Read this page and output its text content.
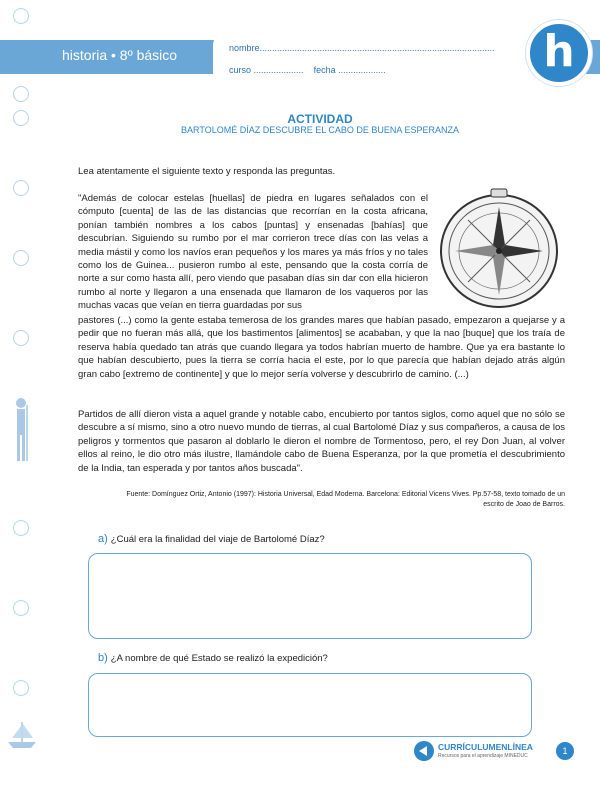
historia • 8º básico	nombre..............................................................................................
curso .................... fecha ...................	h
ACTIVIDAD
BARTOLOMÉ DÍAZ DESCUBRE EL CABO DE BUENA ESPERANZA
Lea atentamente el siguiente texto y responda las preguntas.

"Además de colocar estelas [huellas] de piedra en lugares señalados con el cómputo [cuenta] de las de las distancias que recorrían en la costa africana, ponían también nombres a los cabos [puntas] y ensenadas [bahías] que descubrían. Siguiendo su rumbo por el mar corrieron trece días con las velas a media mástil y como los navíos eran pequeños y los mares ya más fríos y no tales como los de Guinea... pusieron rumbo al este, pensando que la costa corría de norte a sur como hasta allí, pero viendo que pasaban días sin dar con ella hicieron rumbo al norte y llegaron a una ensenada que llamaron de los vaqueros por las muchas vacas que veían en tierra guardadas por sus

pastores (...) como la gente estaba temerosa de los grandes mares que habían pasado, empezaron a quejarse y a pedir que no fueran más allá, que los bastimentos [alimentos] se acababan, y que la nao [buque] que los traía de reserva había quedado tan atrás que cuando llegara ya todos habrían muerto de hambre. Que ya era bastante lo que habían descubierto, pues la tierra se corría hacia el este, por lo que parecía que habían dejado atrás algún gran cabo [extremo de continente] y que lo mejor sería volverse y descubrirlo de camino. (...)

Partidos de allí dieron vista a aquel grande y notable cabo, encubierto por tantos siglos, como aquel que no sólo se descubre a sí mismo, sino a otro nuevo mundo de tierras, al cual Bartolomé Díaz y sus compañeros, a causa de los peligros y tormentos que pasaron al doblarlo le dieron el nombre de Tormentoso, pero, el rey Don Juan, al volver ellos al reino, le dio otro más ilustre, llamándole cabo de Buena Esperanza, por la que prometía el descubrimiento de la India, tan esperada y por tantos años buscada".

Fuente: Domínguez Ortiz, Antonio (1997): Historia Universal, Edad Moderna. Barcelona: Editorial Vicens Vives. Pp.57-58, texto tomado de un escrito de Joao de Barros.
a) ¿Cuál era la finalidad del viaje de Bartolomé Díaz?
b) ¿A nombre de qué Estado se realizó la expedición?
CURRÍCULUMENLÍNEA
Recursos para el aprendizaje MINEDUC	1
